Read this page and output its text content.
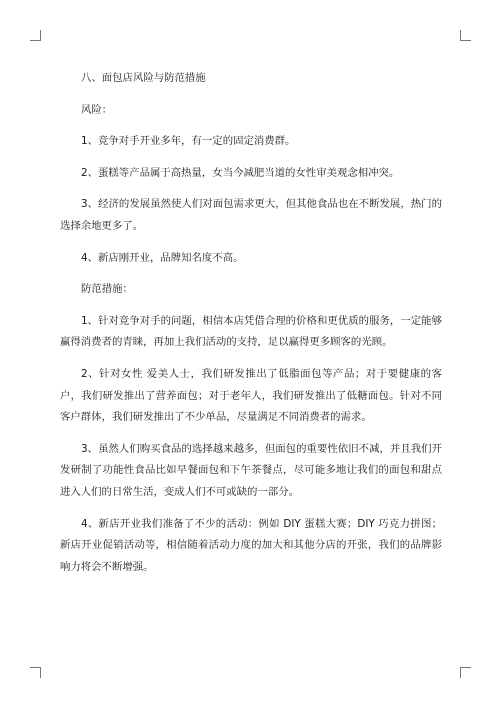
八、面包店风险与防范措施

风险：

1、竞争对手开业多年，有一定的固定消费群。

2、蛋糕等产品属于高热量，女当今减肥当道的女性审美观念相冲突。

3、经济的发展虽然使人们对面包需求更大，但其他食品也在不断发展，热门的选择余地更多了。

4、新店刚开业，品牌知名度不高。

防范措施：

1、针对竞争对手的问题，相信本店凭借合理的价格和更优质的服务，一定能够赢得消费者的青睐，再加上我们活动的支持，足以赢得更多顾客的光顾。

2、针对女性 爱美人士，我们研发推出了低脂面包等产品；对于要健康的客户，我们研发推出了营养面包；对于老年人，我们研发推出了低糖面包。针对不同客户群体，我们研发推出了不少单品，尽量满足不同消费者的需求。

3、虽然人们购买食品的选择越来越多，但面包的重要性依旧不减，并且我们开发研制了功能性食品比如早餐面包和下午茶餐点，尽可能多地让我们的面包和甜点进入人们的日常生活，变成人们不可或缺的一部分。

4、新店开业我们准备了不少的活动：例如 DIY 蛋糕大赛；DIY 巧克力拼图；新店开业促销活动等，相信随着活动力度的加大和其他分店的开张，我们的品牌影响力将会不断增强。
